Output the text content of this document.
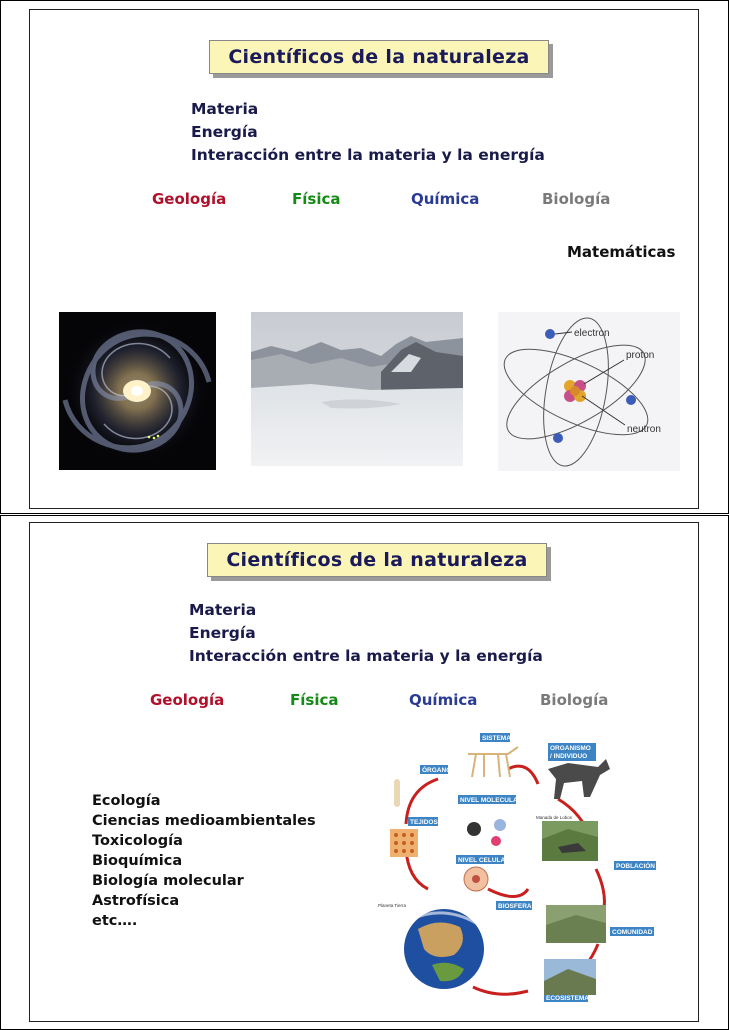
Científicos de la naturaleza
Materia
Energía
Interacción entre la materia y la energía
Geología	Física	Química	Biología
Matemáticas
electron
proton
neutron
Científicos de la naturaleza
Materia
Energía
Interacción entre la materia y la energía
Geología	Física	Química	Biología
Ecología
Ciencias medioambientales
Toxicología
Bioquímica
Biología molecular
Astrofísica
etc….
SISTEMA
ORGANISMO
/ INDIVIDUO
ÓRGANO
TEJIDOS
NIVEL MOLECULAR
NIVEL CELULAR
POBLACIÓN
COMUNIDAD
BIOSFERA
ECOSISTEMA
Manada de Lobos
Planeta Tierra
